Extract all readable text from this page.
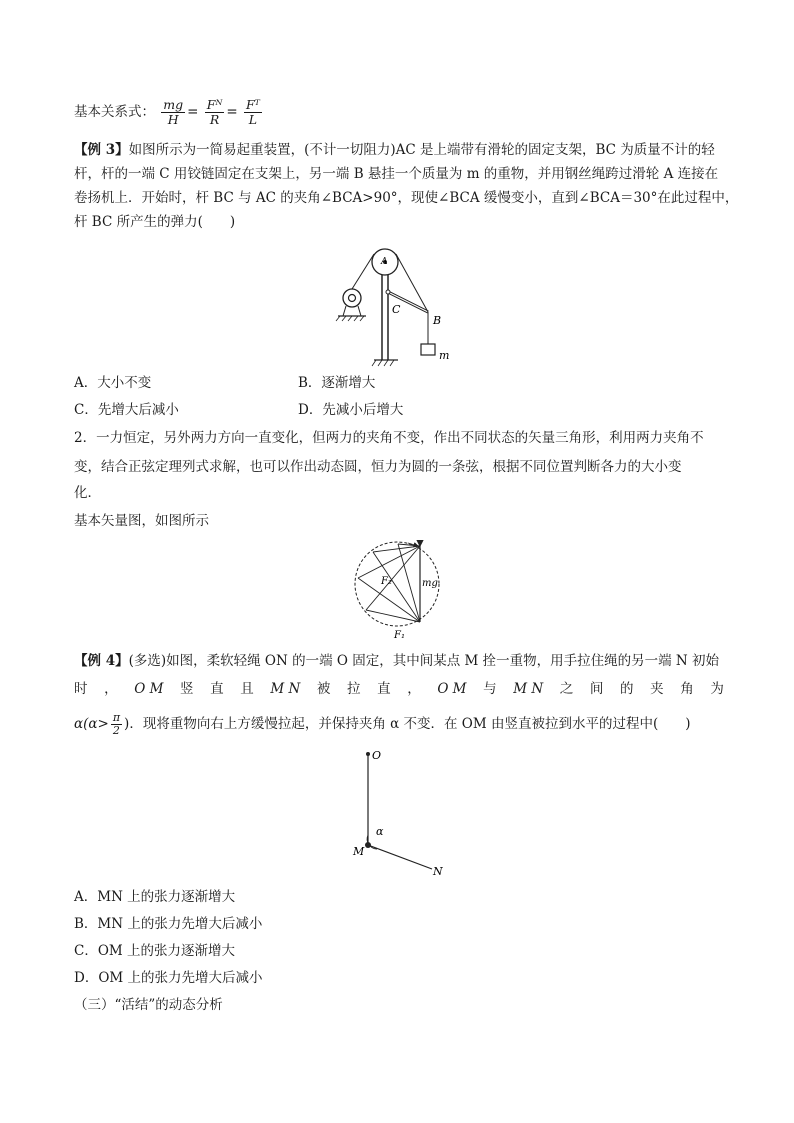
基本关系式： $\frac{mg}{H} = \frac{\text{Fᴺ}}{R} = \frac{\text{Fᵀ}}{L}$
【例 3】如图所示为一简易起重装置，(不计一切阻力)AC 是上端带有滑轮的固定支架，BC 为质量不计的轻
杆，杆的一端 C 用铰链固定在支架上，另一端 B 悬挂一个质量为 m 的重物，并用钢丝绳跨过滑轮 A 连接在
卷扬机上．开始时，杆 BC 与 AC 的夹角∠BCA>90°，现使∠BCA 缓慢变小，直到∠BCA＝30°在此过程中，
杆 BC 所产生的弹力(　　)
A
C
B
m
A．大小不变	B．逐渐增大
C．先增大后减小	D．先减小后增大
2．一力恒定，另外两力方向一直变化，但两力的夹角不变，作出不同状态的矢量三角形，利用两力夹角不
变，结合正弦定理列式求解，也可以作出动态圆，恒力为圆的一条弦，根据不同位置判断各力的大小变
化．
基本矢量图，如图所示
F₂	mg
F₁
【例 4】(多选)如图，柔软轻绳 ON 的一端 O 固定，其中间某点 M 拴一重物，用手拉住绳的另一端 N 初始
时 ， O M 竖 直 且 M N 被 拉 直 ， O M 与 M N 之 间 的 夹 角 为
$\alpha(\alpha> \frac{\pi}{2}$ )．现将重物向右上方缓慢拉起，并保持夹角 α 不变．在 OM 由竖直被拉到水平的过程中(　　)
O
α
M
N
A．MN 上的张力逐渐增大
B．MN 上的张力先增大后减小
C．OM 上的张力逐渐增大
D．OM 上的张力先增大后减小
（三）“活结”的动态分析
